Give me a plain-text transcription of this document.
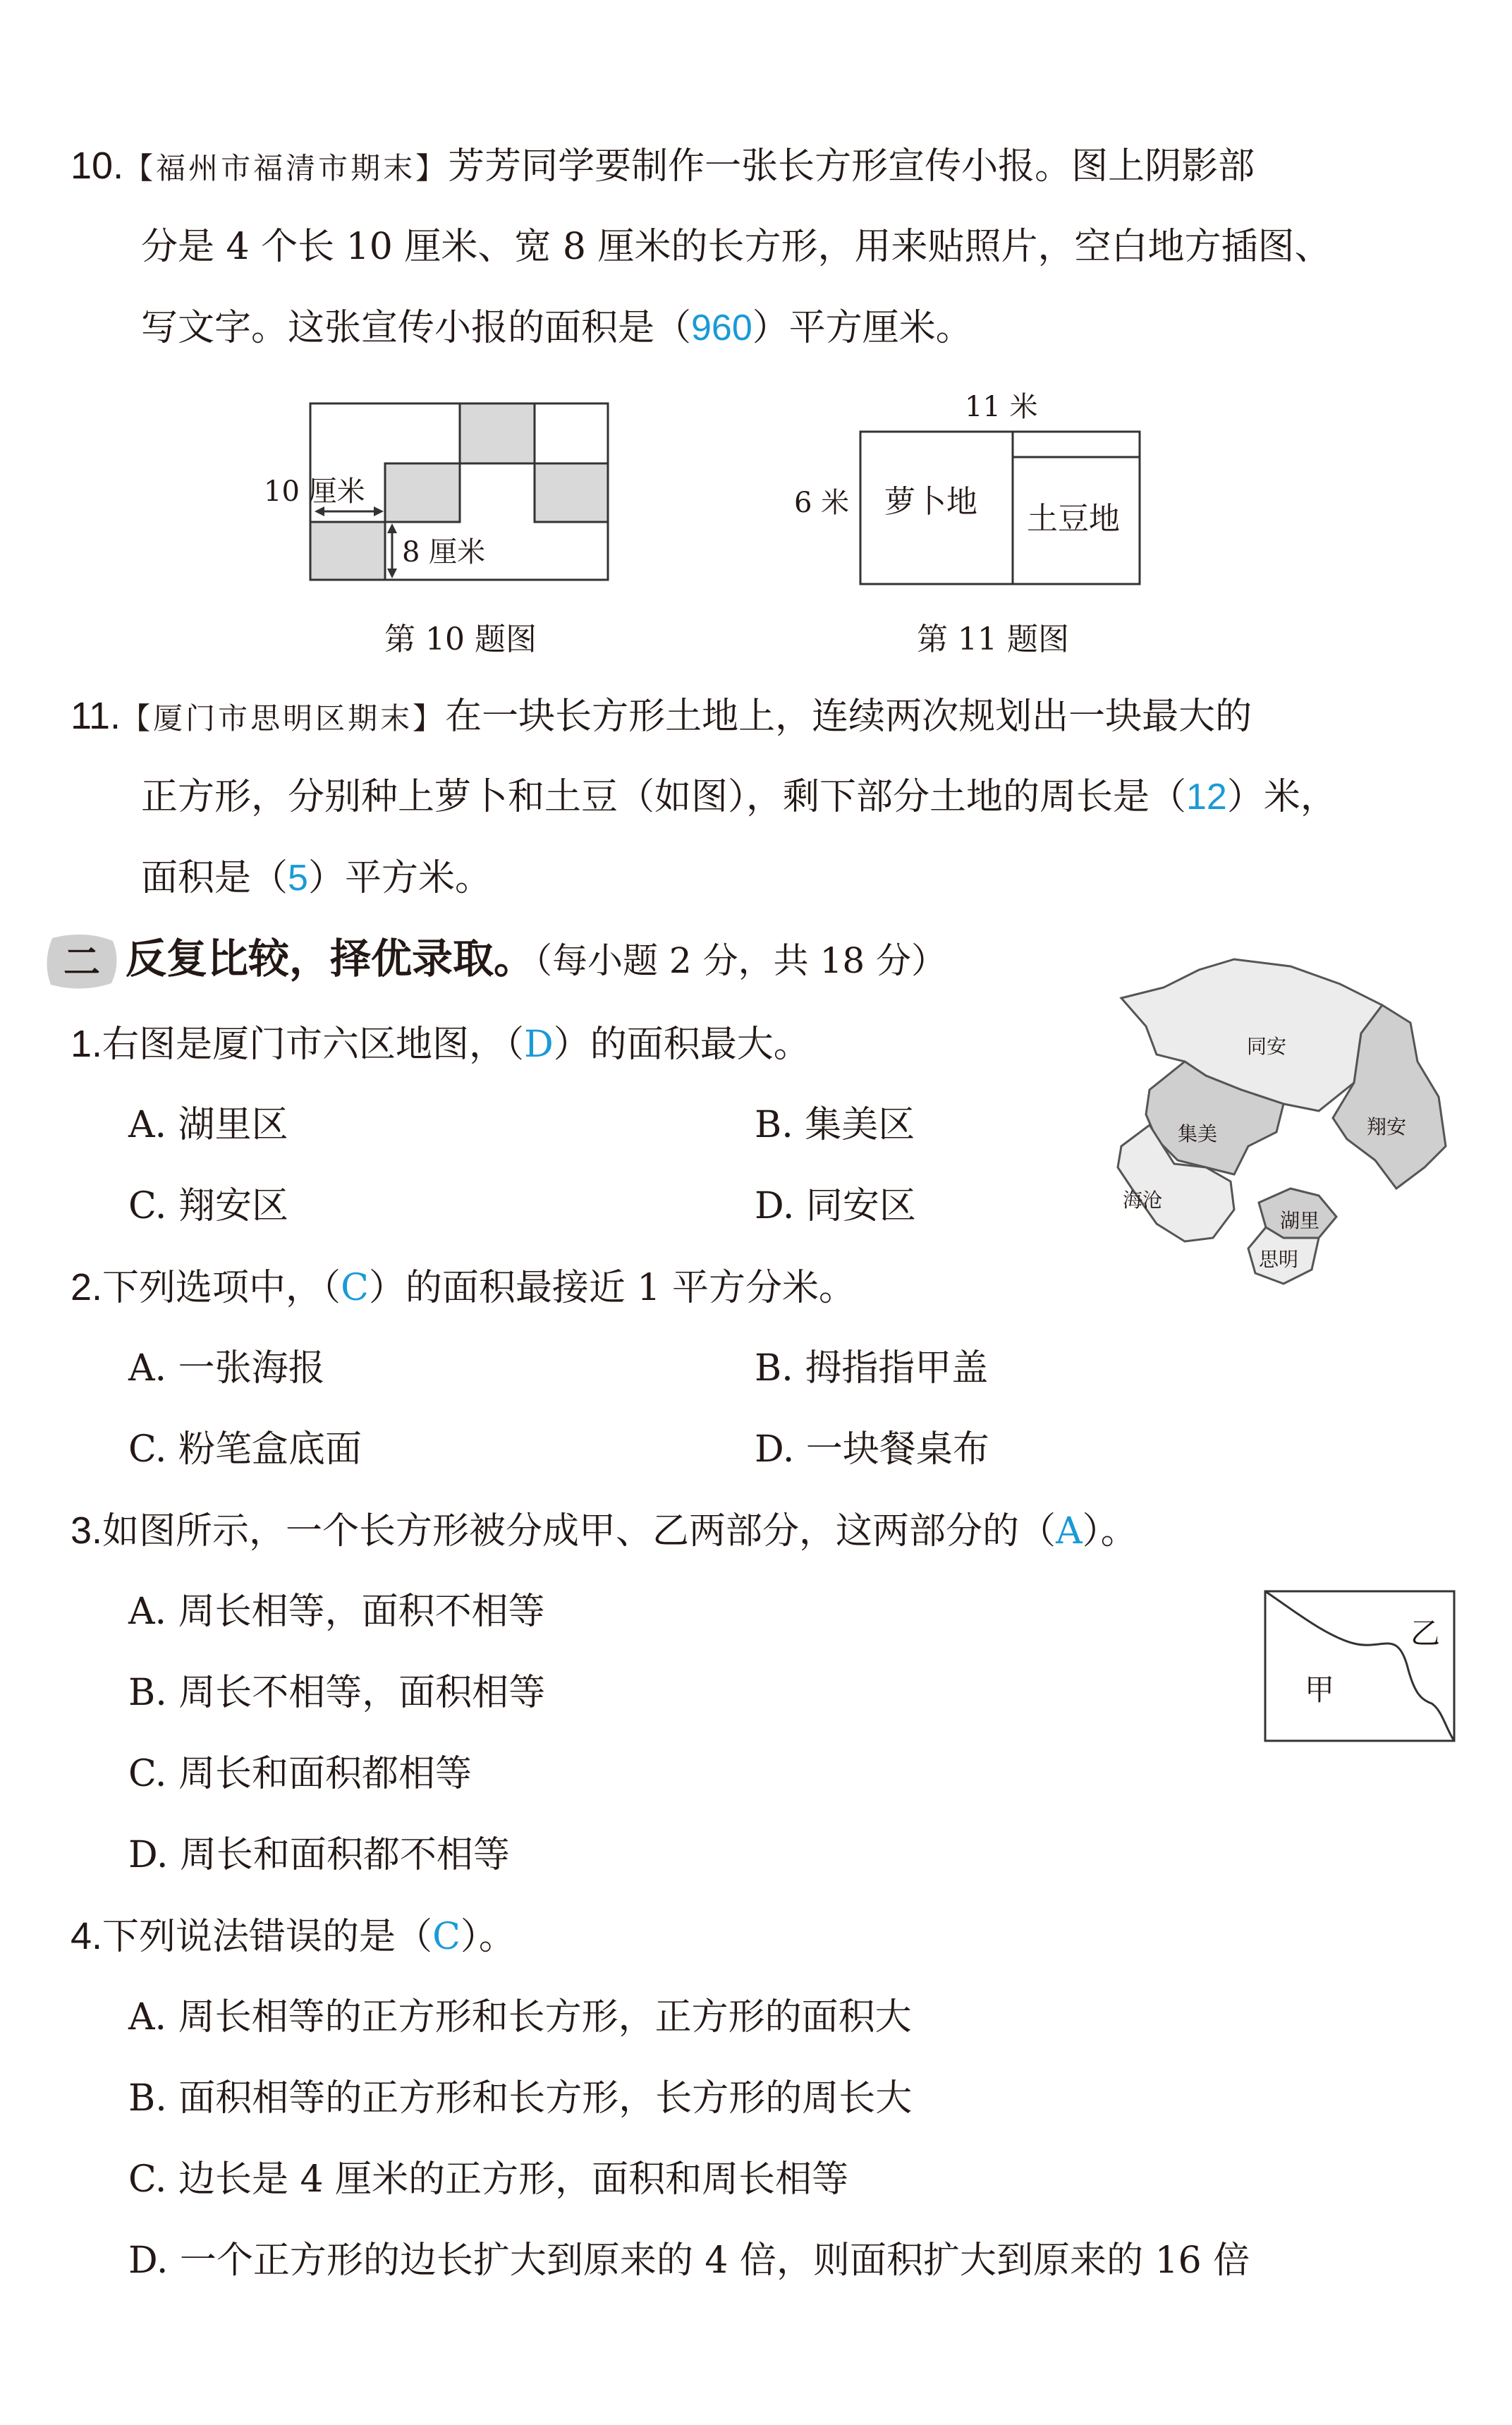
10.【福州市福清市期末】芳芳同学要制作一张长方形宣传小报。图上阴影部
分是 4 个长 10 厘米、宽 8 厘米的长方形，用来贴照片，空白地方插图、
写文字。这张宣传小报的面积是（960）平方厘米。
10 厘米
8 厘米
第 10 题图
11 米
6 米 萝卜地 土豆地
第 11 题图
11.【厦门市思明区期末】在一块长方形土地上，连续两次规划出一块最大的
正方形，分别种上萝卜和土豆（如图），剩下部分土地的周长是（12）米，
面积是（5）平方米。
二 反复比较，择优录取。（每小题 2 分，共 18 分）
同安
集美	翔安
海沧
湖里
思明
1.右图是厦门市六区地图，（D）的面积最大。
A. 湖里区	B. 集美区
C. 翔安区	D. 同安区
2.下列选项中，（C）的面积最接近 1 平方分米。
A. 一张海报	B. 拇指指甲盖
C. 粉笔盒底面	D. 一块餐桌布
3.如图所示，一个长方形被分成甲、乙两部分，这两部分的（A）。
A. 周长相等，面积不相等
B. 周长不相等，面积相等
C. 周长和面积都相等
D. 周长和面积都不相等
乙
甲
4.下列说法错误的是（C）。
A. 周长相等的正方形和长方形，正方形的面积大
B. 面积相等的正方形和长方形，长方形的周长大
C. 边长是 4 厘米的正方形，面积和周长相等
D. 一个正方形的边长扩大到原来的 4 倍，则面积扩大到原来的 16 倍
